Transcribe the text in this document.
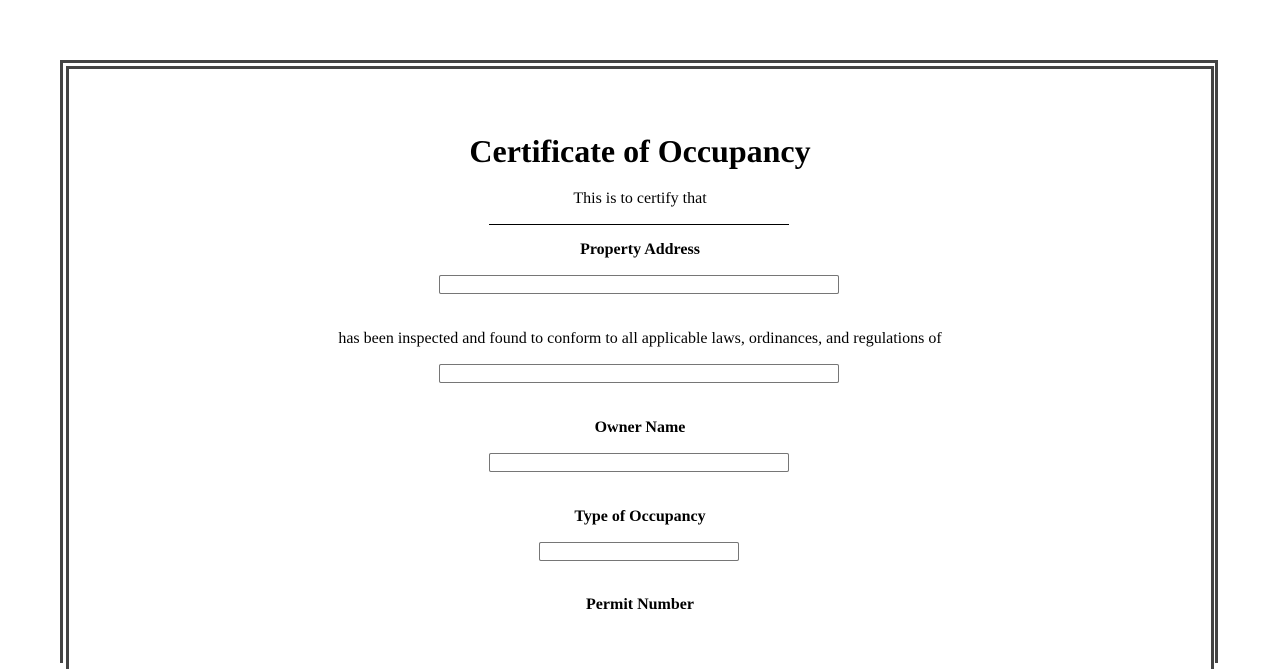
Certificate of Occupancy
This is to certify that
Property Address
has been inspected and found to conform to all applicable laws, ordinances, and regulations of
Owner Name
Type of Occupancy
Permit Number
